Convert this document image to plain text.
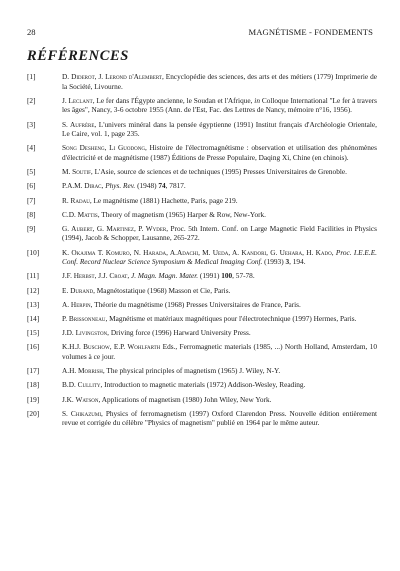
28	MAGNÉTISME - FONDEMENTS
RÉFÉRENCES
[1]	D. Diderot, J. Lerond d'Alembert, Encyclopédie des sciences, des arts et des métiers (1779) Imprimerie de la Société, Livourne.
[2]	J. Leclant, Le fer dans l'Égypte ancienne, le Soudan et l'Afrique, in Colloque International "Le fer à travers les âges", Nancy, 3-6 octobre 1955 (Ann. de l'Est, Fac. des Lettres de Nancy, mémoire n°16, 1956).
[3]	S. Aufrère, L'univers minéral dans la pensée égyptienne (1991) Institut français d'Archéologie Orientale, Le Caire, vol. 1, page 235.
[4]	Song Desheng, Li Guodong, Histoire de l'électromagnétisme : observation et utilisation des phénomènes d'électricité et de magnétisme (1987) Éditions de Presse Populaire, Daqing Xi, Chine (en chinois).
[5]	M. Soutif, L'Asie, source de sciences et de techniques (1995) Presses Universitaires de Grenoble.
[6]	P.A.M. Dirac, Phys. Rev. (1948) 74, 7817.
[7]	R. Radau, Le magnétisme (1881) Hachette, Paris, page 219.
[8]	C.D. Mattis, Theory of magnetism (1965) Harper & Row, New-York.
[9]	G. Aubert, G. Martinez, P. Wyder, Proc. 5th Intern. Conf. on Large Magnetic Field Facilities in Physics (1994), Jacob & Schopper, Lausanne, 265-272.
[10]	K. Okajima T. Komuro, N. Harada, A.Adachi, M. Ueda, A. Kandori, G. Uehara, H. Kado, Proc. I.E.E.E. Conf. Record Nuclear Science Symposium & Medical Imaging Conf. (1993) 3, 194.
[11]	J.F. Herbst, J.J. Croat, J. Magn. Magn. Mater. (1991) 100, 57-78.
[12]	E. Durand, Magnétostatique (1968) Masson et Cie, Paris.
[13]	A. Herpin, Théorie du magnétisme (1968) Presses Universitaires de France, Paris.
[14]	P. Brissonneau, Magnétisme et matériaux magnétiques pour l'électrotechnique (1997) Hermes, Paris.
[15]	J.D. Livingston, Driving force (1996) Harward University Press.
[16]	K.H.J. Buschow, E.P. Wohlfarth Eds., Ferromagnetic materials (1985, ...) North Holland, Amsterdam, 10 volumes à ce jour.
[17]	A.H. Morrish, The physical principles of magnetism (1965) J. Wiley, N-Y.
[18]	B.D. Cullity, Introduction to magnetic materials (1972) Addison-Wesley, Reading.
[19]	J.K. Watson, Applications of magnetism (1980) John Wiley, New York.
[20]	S. Chikazumi, Physics of ferromagnetism (1997) Oxford Clarendon Press. Nouvelle édition entièrement revue et corrigée du célèbre "Physics of magnetism" publié en 1964 par le même auteur.
